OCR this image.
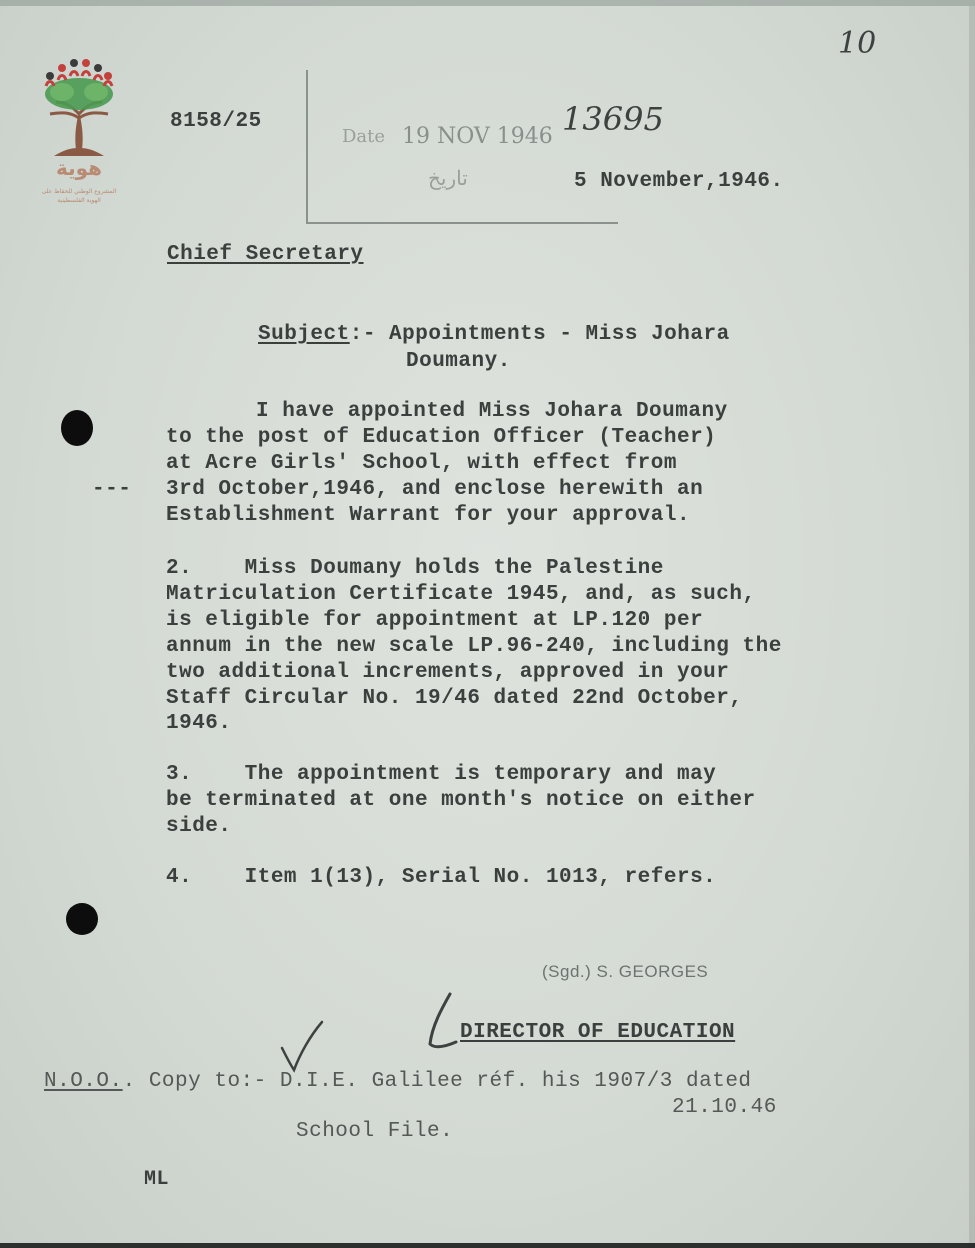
هوية
المشروع الوطني للحفاظ على
الهوية الفلسطينية
Date 19 NOV 1946
تاريخ
10
13695
8158/25
5 November,1946.
Chief Secretary
Subject:- Appointments - Miss Johara
Doumany.
I have appointed Miss Johara Doumany
to the post of Education Officer (Teacher)
at Acre Girls' School, with effect from
--- 3rd October,1946, and enclose herewith an
Establishment Warrant for your approval.
2.    Miss Doumany holds the Palestine
Matriculation Certificate 1945, and, as such,
is eligible for appointment at LP.120 per
annum in the new scale LP.96-240, including the
two additional increments, approved in your
Staff Circular No. 19/46 dated 22nd October,
1946.
3.    The appointment is temporary and may
be terminated at one month's notice on either
side.
4.    Item 1(13), Serial No. 1013, refers.
(Sgd.) S. GEORGES
DIRECTOR OF EDUCATION
N.O.O.. Copy to:- D.I.E. Galilee réf. his 1907/3 dated
21.10.46
School File.
ML
